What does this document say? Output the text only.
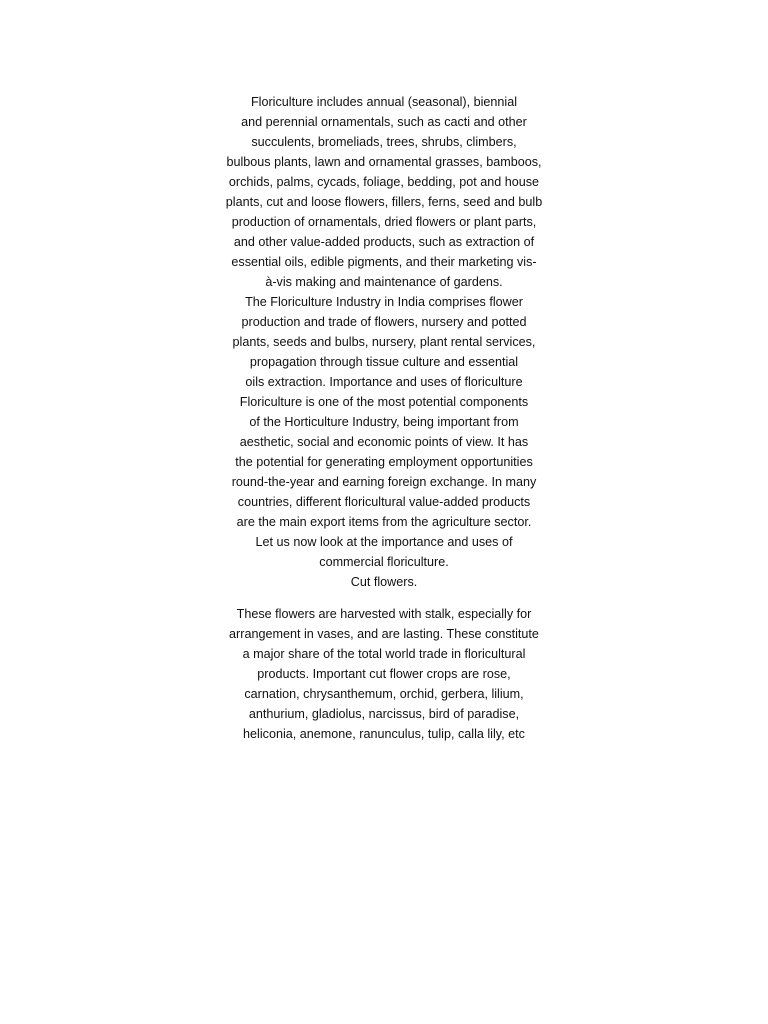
Floriculture includes annual (seasonal), biennial
and perennial ornamentals, such as cacti and other
succulents, bromeliads, trees, shrubs, climbers,
bulbous plants, lawn and ornamental grasses, bamboos,
orchids, palms, cycads, foliage, bedding, pot and house
plants, cut and loose flowers, fillers, ferns, seed and bulb
production of ornamentals, dried flowers or plant parts,
and other value-added products, such as extraction of
essential oils, edible pigments, and their marketing vis-
à-vis making and maintenance of gardens.
The Floriculture Industry in India comprises flower
production and trade of flowers, nursery and potted
plants, seeds and bulbs, nursery, plant rental services,
propagation through tissue culture and essential
oils extraction. Importance and uses of floriculture
Floriculture is one of the most potential components
of the Horticulture Industry, being important from
aesthetic, social and economic points of view. It has
the potential for generating employment opportunities
round-the-year and earning foreign exchange. In many
countries, different floricultural value-added products
are the main export items from the agriculture sector.
Let us now look at the importance and uses of
commercial floriculture.
Cut flowers.
These flowers are harvested with stalk, especially for
arrangement in vases, and are lasting. These constitute
a major share of the total world trade in floricultural
products. Important cut flower crops are rose,
carnation, chrysanthemum, orchid, gerbera, lilium,
anthurium, gladiolus, narcissus, bird of paradise,
heliconia, anemone, ranunculus, tulip, calla lily, etc
